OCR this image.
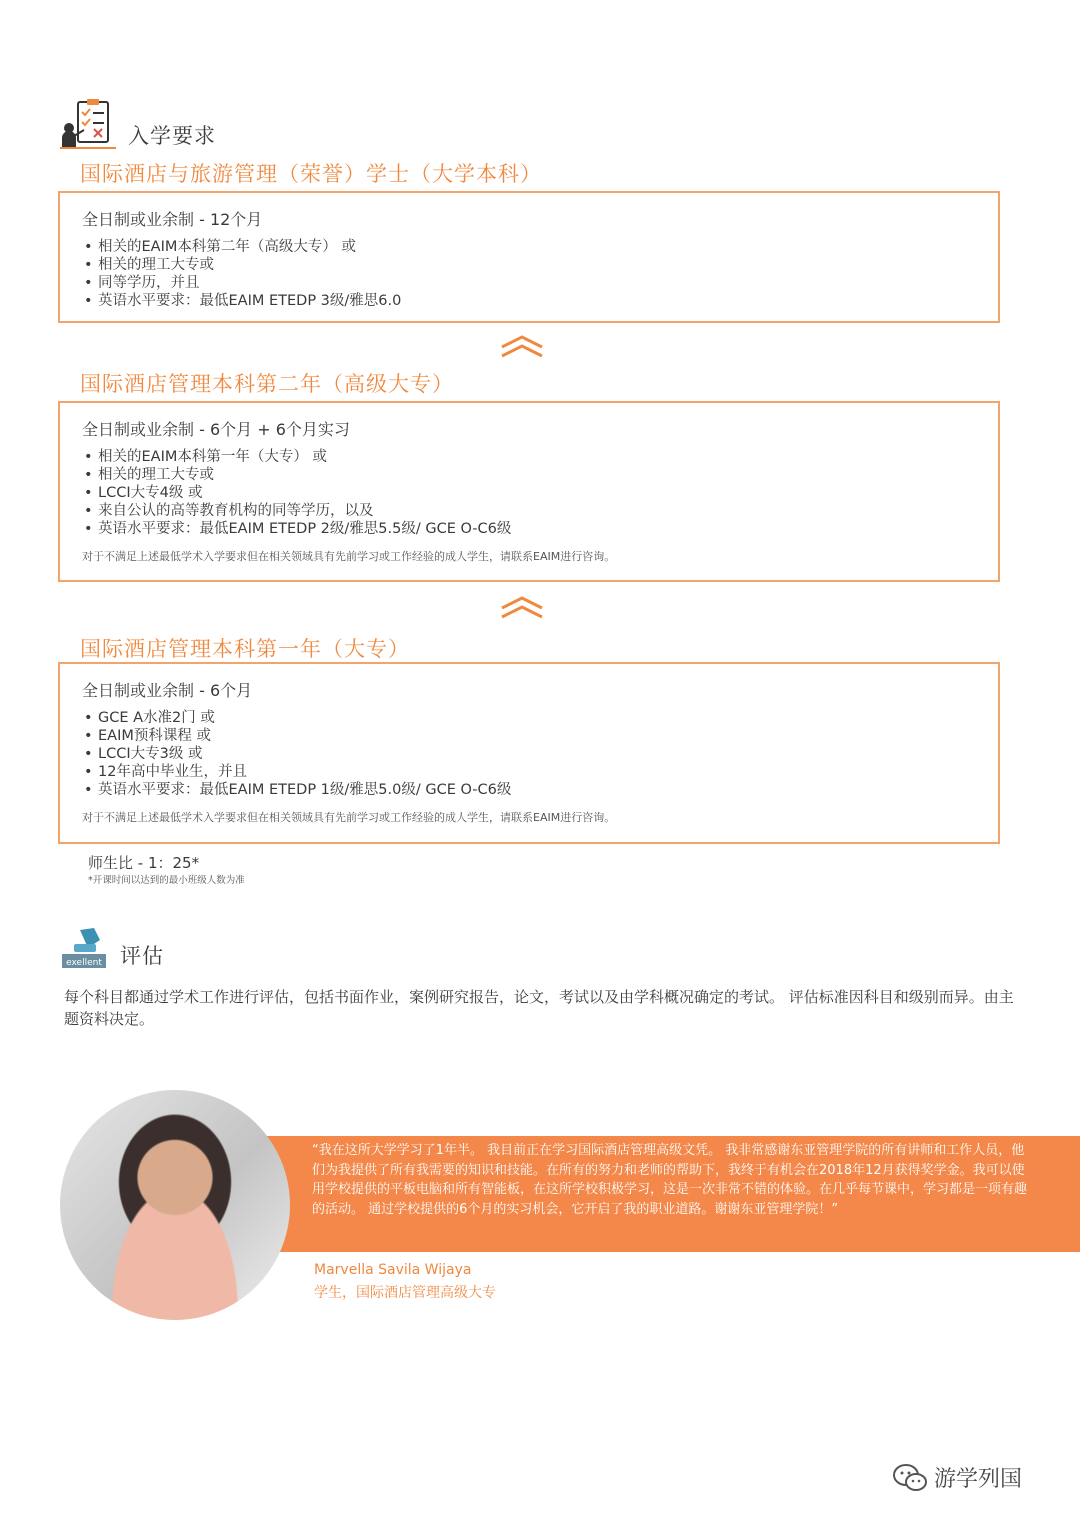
入学要求
国际酒店与旅游管理（荣誉）学士（大学本科）
全日制或业余制 - 12个月
• 相关的EAIM本科第二年（高级大专） 或
• 相关的理工大专或
• 同等学历，并且
• 英语水平要求：最低EAIM ETEDP 3级/雅思6.0
国际酒店管理本科第二年（高级大专）
全日制或业余制 - 6个月 + 6个月实习
• 相关的EAIM本科第一年（大专） 或
• 相关的理工大专或
• LCCI大专4级 或
• 来自公认的高等教育机构的同等学历，以及
• 英语水平要求：最低EAIM ETEDP 2级/雅思5.5级/ GCE O-C6级
对于不满足上述最低学术入学要求但在相关领域具有先前学习或工作经验的成人学生，请联系EAIM进行咨询。
国际酒店管理本科第一年（大专）
全日制或业余制 - 6个月
• GCE A水准2门 或
• EAIM预科课程 或
• LCCI大专3级 或
• 12年高中毕业生，并且
• 英语水平要求：最低EAIM ETEDP 1级/雅思5.0级/ GCE O-C6级
对于不满足上述最低学术入学要求但在相关领域具有先前学习或工作经验的成人学生，请联系EAIM进行咨询。
师生比 - 1：25*
*开课时间以达到的最小班级人数为准
exellent 评估
每个科目都通过学术工作进行评估，包括书面作业，案例研究报告，论文，考试以及由学科概况确定的考试。 评估标准因科目和级别而异。由主题资料决定。
“我在这所大学学习了1年半。 我目前正在学习国际酒店管理高级文凭。 我非常感谢东亚管理学院的所有讲师和工作人员，他们为我提供了所有我需要的知识和技能。在所有的努力和老师的帮助下，我终于有机会在2018年12月获得奖学金。我可以使用学校提供的平板电脑和所有智能板，在这所学校积极学习，这是一次非常不错的体验。在几乎每节课中，学习都是一项有趣的活动。 通过学校提供的6个月的实习机会，它开启了我的职业道路。谢谢东亚管理学院！”
Marvella Savila Wijaya
学生，国际酒店管理高级大专
游学列国
